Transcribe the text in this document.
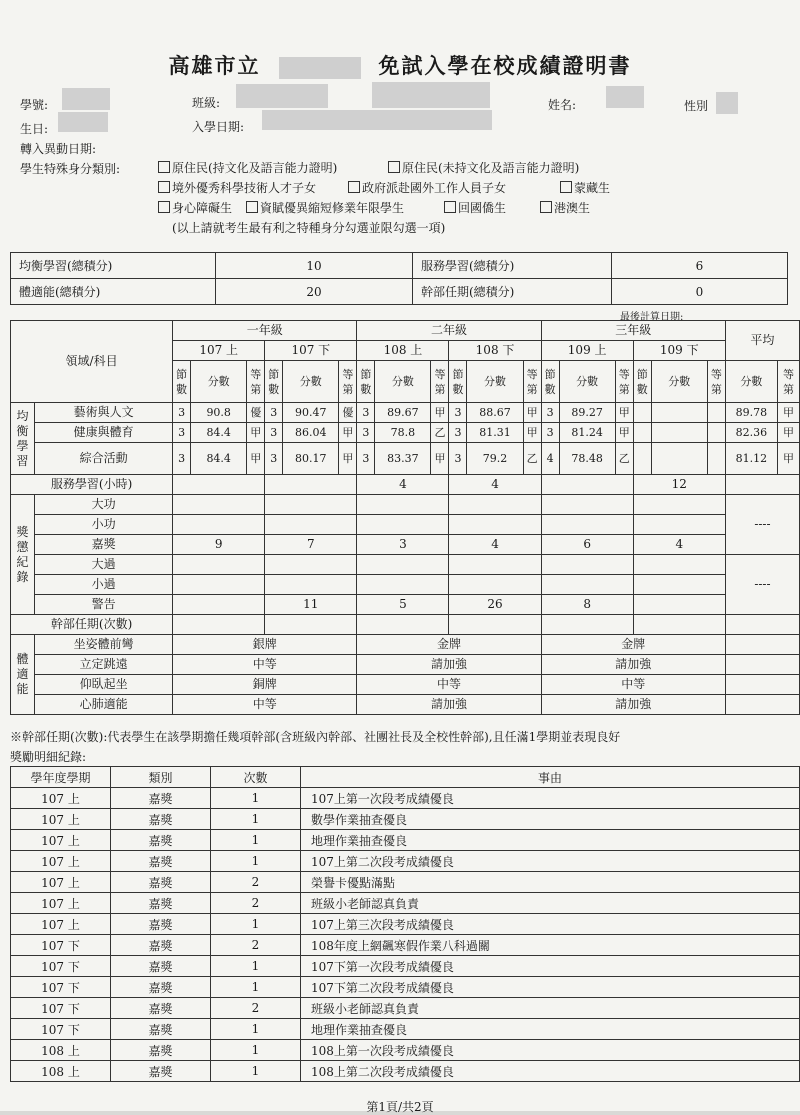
高雄市立	免試入學在校成績證明書
學號:	班級:	姓名:	性別
生日:	入學日期:
轉入異動日期:
學生特殊身分類別:	原住民(持文化及語言能力證明)	原住民(未持文化及語言能力證明)
境外優秀科學技術人才子女	政府派赴國外工作人員子女	蒙藏生
身心障礙生	資賦優異縮短修業年限學生	回國僑生	港澳生
(以上請就考生最有利之特種身分勾選並限勾選一項)
均衡學習(總積分)	10	服務學習(總積分)	6
體適能(總積分)	20	幹部任期(總積分)	0
最後計算日期:
領域/科目		一年級						二年級						三年級						平均	
		107 上			107 下			108 上			108 下			109 上			109 下				
		節數	分數	等第	節數	分數	等第	節數	分數	等第	節數	分數	等第	節數	分數	等第	節數	分數	等第	分數	等第
均衡學習	藝術與人文	3	90.8	優	3	90.47	優	3	89.67	甲	3	88.67	甲	3	89.27	甲				89.78	甲
	健康與體育	3	84.4	甲	3	86.04	甲	3	78.8	乙	3	81.31	甲	3	81.24	甲				82.36	甲
	綜合活動	3	84.4	甲	3	80.17	甲	3	83.37	甲	3	79.2	乙	4	78.48	乙				81.12	甲
服務學習(小時)								4			4						12				
獎懲紀錄	大功																			----	
	小功																				
	嘉獎	9			7			3			4			6			4				
	大過																			----	
	小過																				
	警告				11			5			26			8							
幹部任期(次數)																					
體適能	坐姿體前彎	銀牌						金牌						金牌							
	立定跳遠	中等						請加強						請加強							
	仰臥起坐	銅牌						中等						中等							
	心肺適能	中等						請加強						請加強							
※幹部任期(次數):代表學生在該學期擔任幾項幹部(含班級內幹部、社團社長及全校性幹部),且任滿1學期並表現良好
獎勵明細紀錄:
學年度學期	類別	次數	事由
107 上	嘉獎	1	107上第一次段考成績優良
107 上	嘉獎	1	數學作業抽查優良
107 上	嘉獎	1	地理作業抽查優良
107 上	嘉獎	1	107上第二次段考成績優良
107 上	嘉獎	2	榮譽卡優點滿點
107 上	嘉獎	2	班級小老師認真負責
107 上	嘉獎	1	107上第三次段考成績優良
107 下	嘉獎	2	108年度上網飆寒假作業八科過關
107 下	嘉獎	1	107下第一次段考成績優良
107 下	嘉獎	1	107下第二次段考成績優良
107 下	嘉獎	2	班級小老師認真負責
107 下	嘉獎	1	地理作業抽查優良
108 上	嘉獎	1	108上第一次段考成績優良
108 上	嘉獎	1	108上第二次段考成績優良
第1頁/共2頁
